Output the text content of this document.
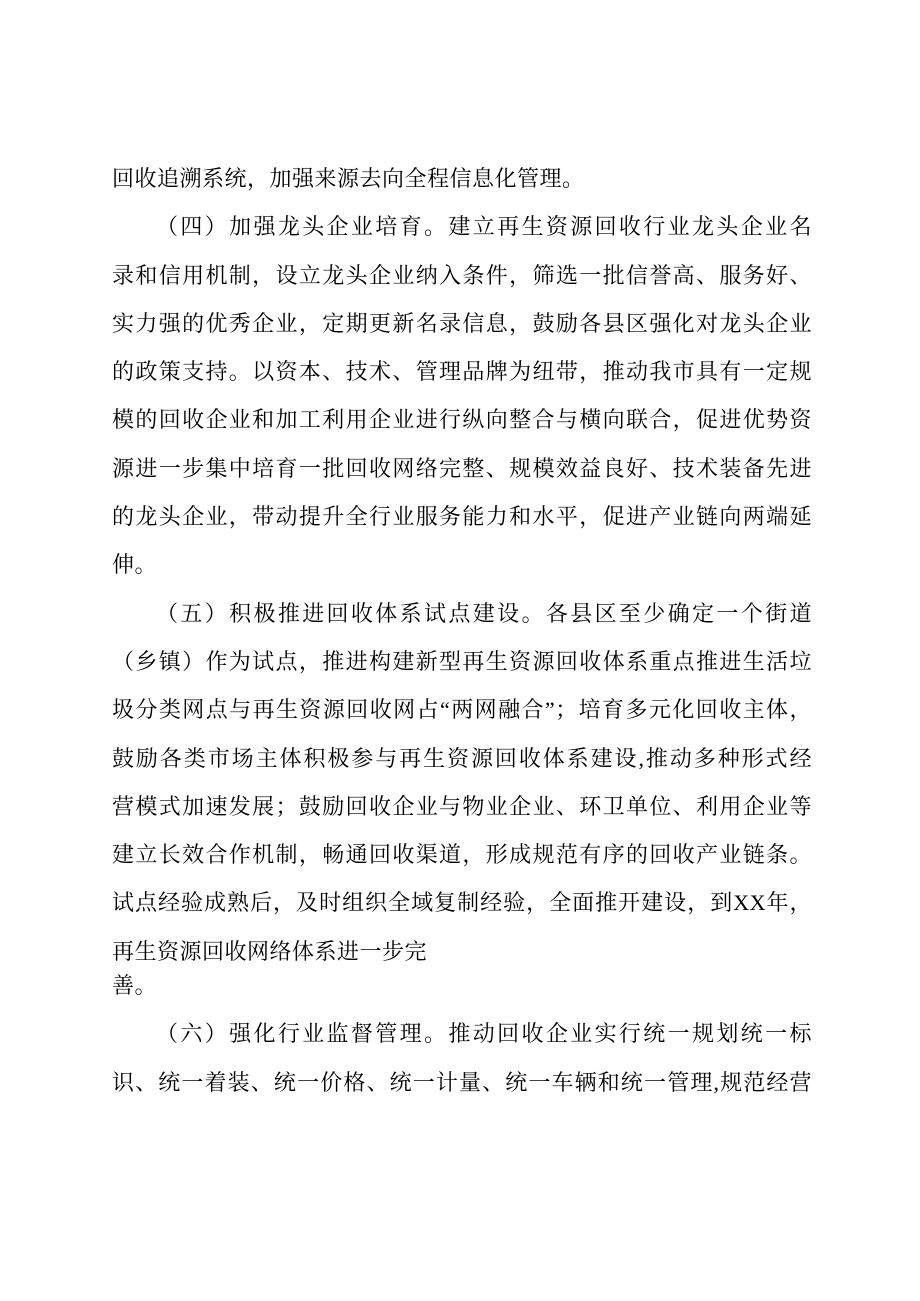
回收追溯系统，加强来源去向全程信息化管理。
（四）加强龙头企业培育。建立再生资源回收行业龙头企业名
录和信用机制，设立龙头企业纳入条件，筛选一批信誉高、服务好、
实力强的优秀企业，定期更新名录信息，鼓励各县区强化对龙头企业
的政策支持。以资本、技术、管理品牌为纽带，推动我市具有一定规
模的回收企业和加工利用企业进行纵向整合与横向联合，促进优势资
源进一步集中培育一批回收网络完整、规模效益良好、技术装备先进
的龙头企业，带动提升全行业服务能力和水平，促进产业链向两端延
伸。
（五）积极推进回收体系试点建设。各县区至少确定一个街道
（乡镇）作为试点，推进构建新型再生资源回收体系重点推进生活垃
圾分类网点与再生资源回收网占“两网融合”；培育多元化回收主体，
鼓励各类市场主体积极参与再生资源回收体系建设,推动多种形式经
营模式加速发展；鼓励回收企业与物业企业、环卫单位、利用企业等
建立长效合作机制，畅通回收渠道，形成规范有序的回收产业链条。
试点经验成熟后，及时组织全域复制经验，全面推开建设，到XX年，
再生资源回收网络体系进一步完
善。
（六）强化行业监督管理。推动回收企业实行统一规划统一标
识、统一着装、统一价格、统一计量、统一车辆和统一管理,规范经营
